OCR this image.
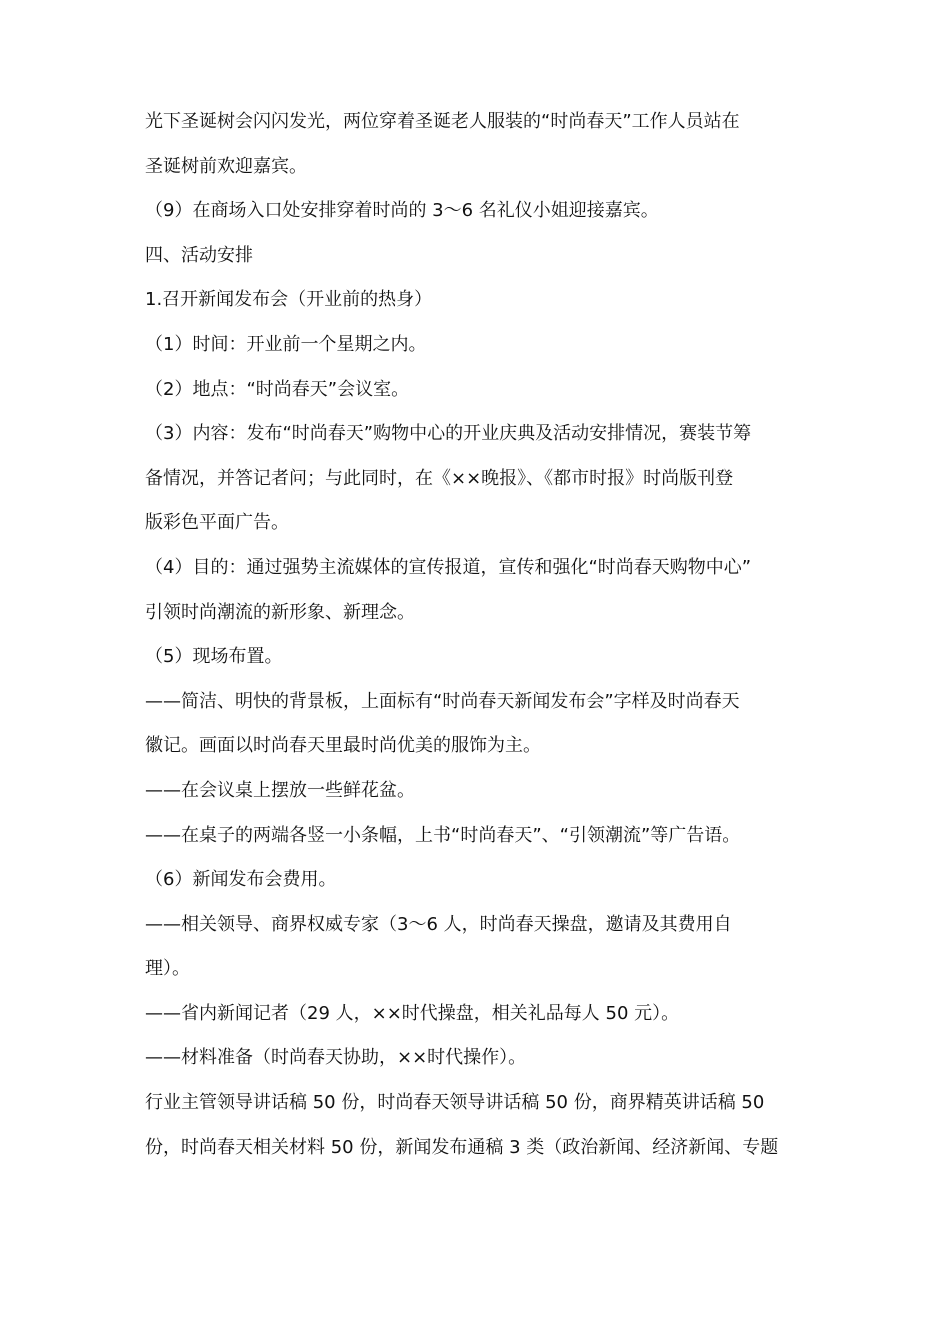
光下圣诞树会闪闪发光，两位穿着圣诞老人服装的“时尚春天”工作人员站在
圣诞树前欢迎嘉宾。
（9）在商场入口处安排穿着时尚的 3～6 名礼仪小姐迎接嘉宾。
四、活动安排
1.召开新闻发布会（开业前的热身）
（1）时间：开业前一个星期之内。
（2）地点：“时尚春天”会议室。
（3）内容：发布“时尚春天”购物中心的开业庆典及活动安排情况，赛装节筹
备情况，并答记者问；与此同时，在《××晚报》、《都市时报》时尚版刊登
版彩色平面广告。
（4）目的：通过强势主流媒体的宣传报道，宣传和强化“时尚春天购物中心”
引领时尚潮流的新形象、新理念。
（5）现场布置。
——简洁、明快的背景板，上面标有“时尚春天新闻发布会”字样及时尚春天
徽记。画面以时尚春天里最时尚优美的服饰为主。
——在会议桌上摆放一些鲜花盆。
——在桌子的两端各竖一小条幅，上书“时尚春天”、“引领潮流”等广告语。
（6）新闻发布会费用。
——相关领导、商界权威专家（3～6 人，时尚春天操盘，邀请及其费用自
理）。
——省内新闻记者（29 人，××时代操盘，相关礼品每人 50 元）。
——材料准备（时尚春天协助，××时代操作）。
行业主管领导讲话稿 50 份，时尚春天领导讲话稿 50 份，商界精英讲话稿 50
份，时尚春天相关材料 50 份，新闻发布通稿 3 类（政治新闻、经济新闻、专题
